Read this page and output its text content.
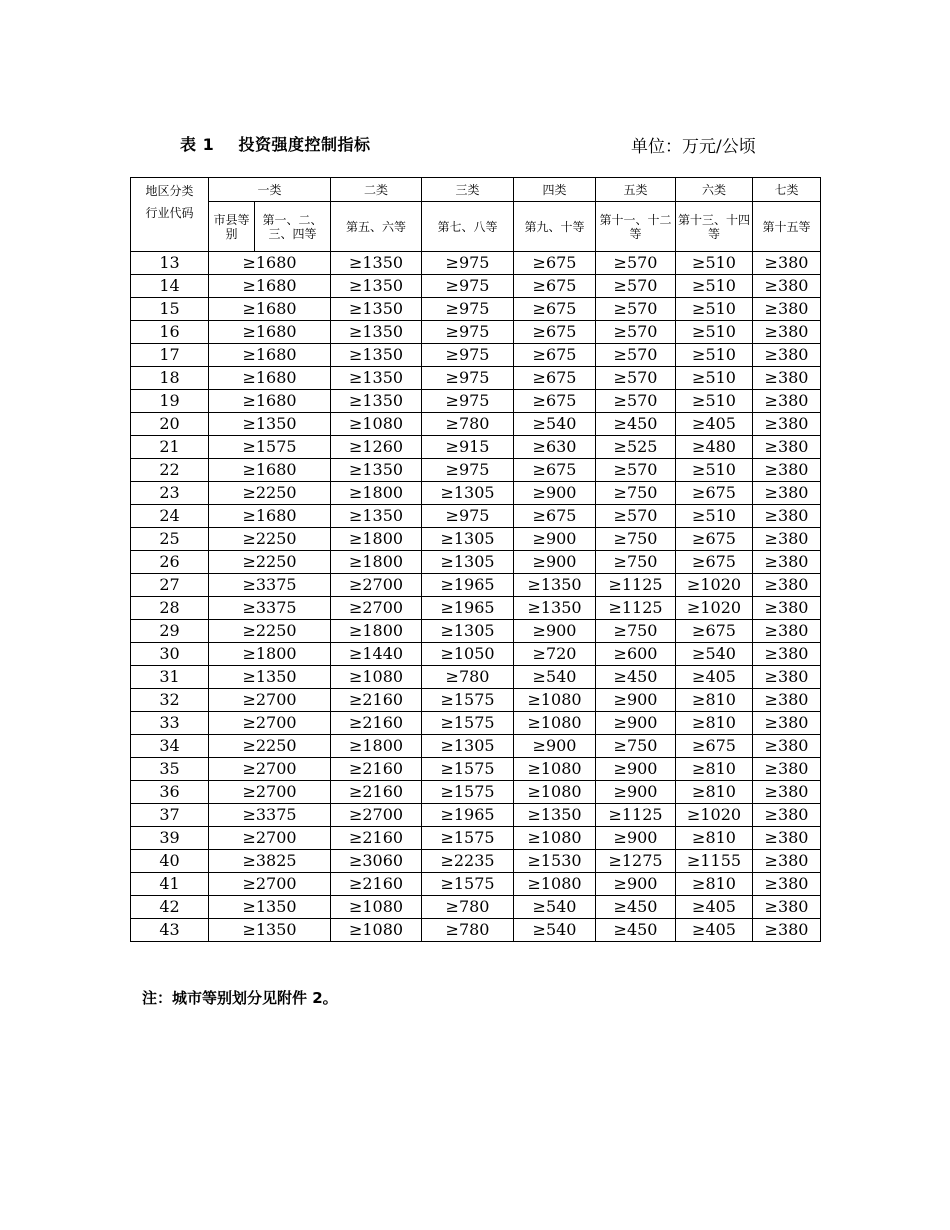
表 1    投资强度控制指标	单位：万元/公顷
地区分类
行业代码	一类		二类	三类	四类	五类	六类	七类
	市县等别	第一、二、三、四等	第五、六等	第七、八等	第九、十等	第十一、十二等	第十三、十四等	第十五等
13	≥1680		≥1350	≥975	≥675	≥570	≥510	≥380
14	≥1680		≥1350	≥975	≥675	≥570	≥510	≥380
15	≥1680		≥1350	≥975	≥675	≥570	≥510	≥380
16	≥1680		≥1350	≥975	≥675	≥570	≥510	≥380
17	≥1680		≥1350	≥975	≥675	≥570	≥510	≥380
18	≥1680		≥1350	≥975	≥675	≥570	≥510	≥380
19	≥1680		≥1350	≥975	≥675	≥570	≥510	≥380
20	≥1350		≥1080	≥780	≥540	≥450	≥405	≥380
21	≥1575		≥1260	≥915	≥630	≥525	≥480	≥380
22	≥1680		≥1350	≥975	≥675	≥570	≥510	≥380
23	≥2250		≥1800	≥1305	≥900	≥750	≥675	≥380
24	≥1680		≥1350	≥975	≥675	≥570	≥510	≥380
25	≥2250		≥1800	≥1305	≥900	≥750	≥675	≥380
26	≥2250		≥1800	≥1305	≥900	≥750	≥675	≥380
27	≥3375		≥2700	≥1965	≥1350	≥1125	≥1020	≥380
28	≥3375		≥2700	≥1965	≥1350	≥1125	≥1020	≥380
29	≥2250		≥1800	≥1305	≥900	≥750	≥675	≥380
30	≥1800		≥1440	≥1050	≥720	≥600	≥540	≥380
31	≥1350		≥1080	≥780	≥540	≥450	≥405	≥380
32	≥2700		≥2160	≥1575	≥1080	≥900	≥810	≥380
33	≥2700		≥2160	≥1575	≥1080	≥900	≥810	≥380
34	≥2250		≥1800	≥1305	≥900	≥750	≥675	≥380
35	≥2700		≥2160	≥1575	≥1080	≥900	≥810	≥380
36	≥2700		≥2160	≥1575	≥1080	≥900	≥810	≥380
37	≥3375		≥2700	≥1965	≥1350	≥1125	≥1020	≥380
39	≥2700		≥2160	≥1575	≥1080	≥900	≥810	≥380
40	≥3825		≥3060	≥2235	≥1530	≥1275	≥1155	≥380
41	≥2700		≥2160	≥1575	≥1080	≥900	≥810	≥380
42	≥1350		≥1080	≥780	≥540	≥450	≥405	≥380
43	≥1350		≥1080	≥780	≥540	≥450	≥405	≥380
注：城市等别划分见附件 2。
